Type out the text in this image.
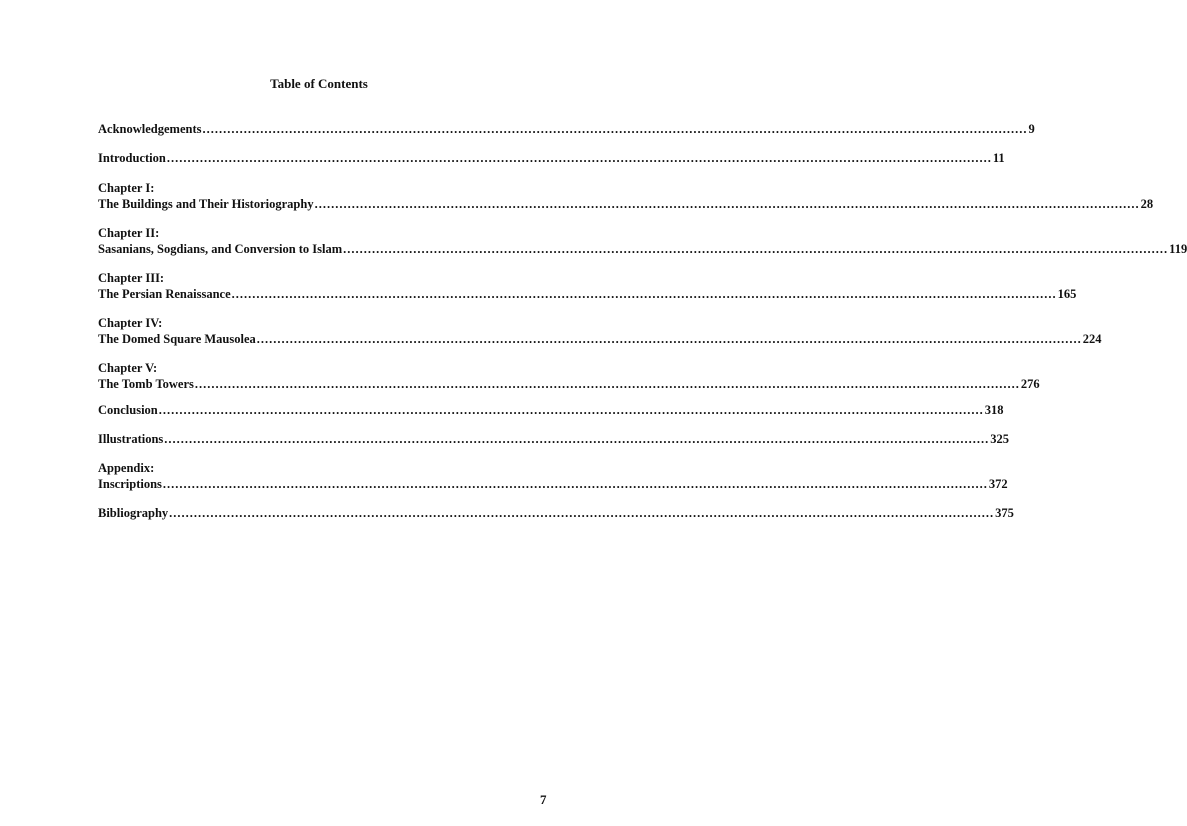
Table of Contents
Acknowledgements ........................................................................................................................................................................................................ 9
Introduction ........................................................................................................................................................................................................ 11
Chapter I:
The Buildings and Their Historiography ........................................................................................................................................................................................................ 28
Chapter II:
Sasanians, Sogdians, and Conversion to Islam ........................................................................................................................................................................................................ 119
Chapter III:
The Persian Renaissance ........................................................................................................................................................................................................ 165
Chapter IV:
The Domed Square Mausolea ........................................................................................................................................................................................................ 224
Chapter V:
The Tomb Towers ........................................................................................................................................................................................................ 276
Conclusion ........................................................................................................................................................................................................ 318
Illustrations ........................................................................................................................................................................................................ 325
Appendix:
Inscriptions ........................................................................................................................................................................................................ 372
Bibliography ........................................................................................................................................................................................................ 375
7
